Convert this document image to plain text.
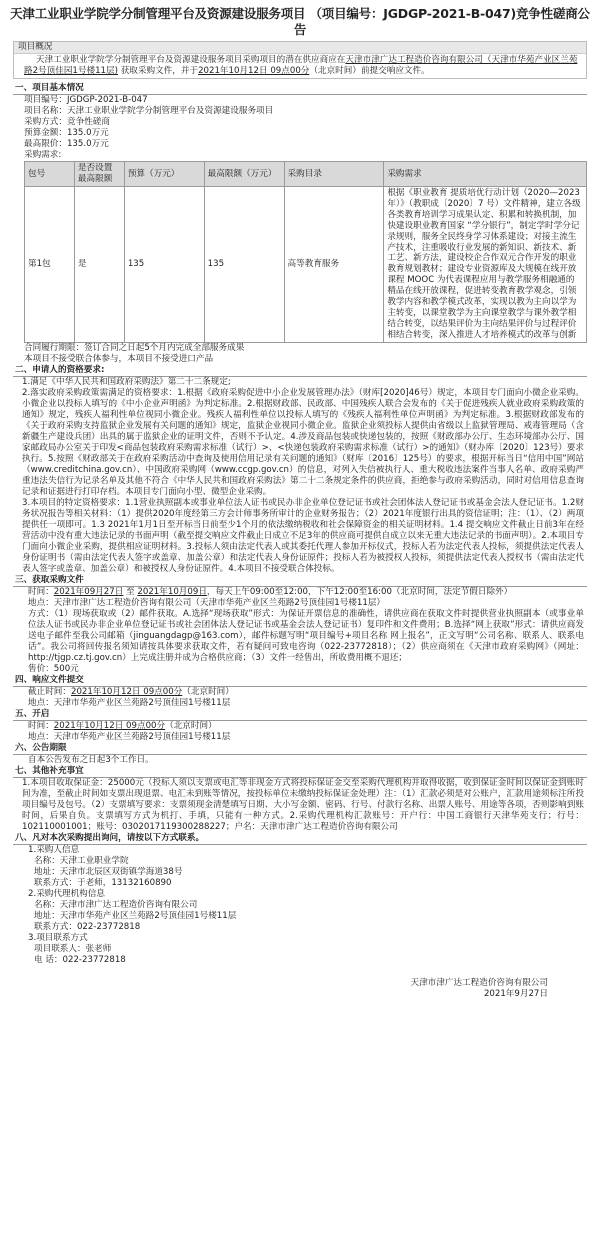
天津工业职业学院学分制管理平台及资源建设服务项目 （项目编号：JGDGP-2021-B-047)竞争性磋商公告
项目概况
天津工业职业学院学分制管理平台及资源建设服务项目采购项目的潜在供应商应在天津市津广达工程造价咨询有限公司（天津市华苑产业区兰苑路2号顶佳园1号楼11层) 获取采购文件，并于2021年10月12日 09点00分（北京时间）前提交响应文件。
一、项目基本情况
项目编号：JGDGP-2021-B-047
项目名称：天津工业职业学院学分制管理平台及资源建设服务项目
采购方式：竞争性磋商
预算金额：135.0万元
最高限价：135.0万元
采购需求:
包号	是否设置最高限额	预算（万元）	最高限额（万元）	采购目录	采购需求
第1包	是	135	135	高等教育服务	根据《职业教育 提质培优行动计划（2020—2023 年）》（教职成〔2020〕7 号）文件精神，建立各级各类教育培训学习成果认定、积累和转换机制，加快建设职业教育国家 “学分银行”，制定学时学分记录规则，服务全民终身学习体系建设；对接主流生产技术，注重吸收行业发展的新知识、新技术、新工艺、新方法，建设校企合作双元合作开发的职业教育规划教材；建设专业资源库及大规模在线开放课程 MOOC 为代表课程应用与教学服务相融通的精品在线开放课程，促进转变教育教学观念，引领教学内容和教学模式改革，实现以教为主向以学为主转变，以课堂教学为主向课堂教学与课外教学相结合转变，以结果评价为主向结果评价与过程评价相结合转变，深入推进人才培养模式的改革与创新
合同履行期限：签订合同之日起5个月内完成全部服务成果
本项目不接受联合体参与，本项目不接受进口产品
二、申请人的资格要求:
1.满足《中华人民共和国政府采购法》第二十二条规定;
2.落实政府采购政策需满足的资格要求：1.根据《政府采购促进中小企业发展管理办法》（财库[2020]46号）规定，本项目专门面向小微企业采购。小微企业以投标人填写的《中小企业声明函》为判定标准。2.根据财政部、民政部、中国残疾人联合会发布的《关于促进残疾人就业政府采购政策的通知》规定，残疾人福利性单位视同小微企业。残疾人福利性单位以投标人填写的《残疾人福利性单位声明函》为判定标准。3.根据财政部发布的《关于政府采购支持监狱企业发展有关问题的通知》规定，监狱企业视同小微企业。监狱企业须投标人提供由省级以上监狱管理局、戒毒管理局（含新疆生产建设兵团）出具的属于监狱企业的证明文件，否则不予认定。4.涉及商品包装或快递包装的，按照《财政部办公厅、生态环境部办公厅、国家邮政局办公室关于印发<商品包装政府采购需求标准（试行）>、<快递包装政府采购需求标准（试行）>的通知》（财办库〔2020〕123号）要求执行。5.按照《财政部关于在政府采购活动中查询及使用信用记录有关问题的通知》（财库〔2016〕125号）的要求，根据开标当日“信用中国”网站（www.creditchina.gov.cn）、中国政府采购网（www.ccgp.gov.cn）的信息，对列入失信被执行人、重大税收违法案件当事人名单、政府采购严重违法失信行为记录名单及其他不符合《中华人民共和国政府采购法》第二十二条规定条件的供应商，拒绝参与政府采购活动，同时对信用信息查询记录和证据进行打印存档。本项目专门面向小型、微型企业采购。
3.本项目的特定资格要求：1.1营业执照副本或事业单位法人证书或民办非企业单位登记证书或社会团体法人登记证书或基金会法人登记证书。1.2财务状况报告等相关材料：（1）提供2020年度经第三方会计师事务所审计的企业财务报告；（2）2021年度银行出具的资信证明；注：（1）、（2）两项提供任一项即可。1.3 2021年1月1日至开标当日前至少1个月的依法缴纳税收和社会保障资金的相关证明材料。1.4 提交响应文件截止日前3年在经营活动中没有重大违法记录的书面声明（截至提交响应文件截止日成立不足3年的供应商可提供自成立以来无重大违法记录的书面声明）。2.本项目专门面向小微企业采购，提供相应证明材料。3.投标人须由法定代表人或其委托代理人参加开标仪式，投标人若为法定代表人投标，须提供法定代表人身份证明书（需由法定代表人签字或盖章、加盖公章）和法定代表人身份证原件；投标人若为被授权人投标，须提供法定代表人授权书（需由法定代表人签字或盖章、加盖公章）和被授权人身份证原件。4.本项目不接受联合体投标。
三、获取采购文件
时间：2021年09月27日 至 2021年10月09日，每天上午09:00至12:00，下午12:00至16:00（北京时间，法定节假日除外）
地点：天津市津广达工程造价咨询有限公司（天津市华苑产业区兰苑路2号顶佳园1号楼11层）
方式：（1）现场获取或（2）邮件获取。A.选择“现场获取”形式：为保证开票信息的准确性，请供应商在获取文件时提供营业执照副本（或事业单位法人证书或民办非企业单位登记证书或社会团体法人登记证书或基金会法人登记证书）复印件和文件费用；B.选择“网上获取”形式：请供应商发送电子邮件至我公司邮箱（jinguangdagp@163.com），邮件标题写明“项目编号+项目名称 网上报名”，正文写明“公司名称、联系人、联系电话”。我公司将回传报名须知请按具体要求获取文件，若有疑问可致电咨询（022-23772818）；（2）供应商须在《天津市政府采购网》（网址：http://tjgp.cz.tj.gov.cn）上完成注册并成为合格供应商；（3）文件一经售出，所收费用概不退还；
售价：500元
四、响应文件提交
截止时间：2021年10月12日 09点00分（北京时间）
地点：天津市华苑产业区兰苑路2号顶佳园1号楼11层
五、开启
时间：2021年10月12日 09点00分（北京时间）
地点：天津市华苑产业区兰苑路2号顶佳园1号楼11层
六、公告期限
自本公告发布之日起3个工作日。
七、其他补充事宜
1.本项目收取保证金：25000元（投标人须以支票或电汇等非现金方式将投标保证金交至采购代理机构并取得收据，收到保证金时间以保证金到账时间为准，至截止时间如支票出现退票、电汇未到账等情况，按投标单位未缴纳投标保证金处理）注：（1）汇款必须是对公账户，汇款用途须标注所投项目编号及包号。（2）支票填写要求：支票须现金清楚填写日期、大小写金额、密码、行号、付款行名称、出票人账号、用途等各项，否则影响到账时间，后果自负。支票填写方式为机打、手填，只能有一种方式。2.采购代理机构汇款账号：开户行：中国工商银行天津华苑支行；行号：102110001001；账号：0302017119300288227；户名：天津市津广达工程造价咨询有限公司
八、凡对本次采购提出询问，请按以下方式联系。
1.采购人信息
名称：天津工业职业学院
地址：天津市北辰区双街镇学海道38号
联系方式：于老师，13132160890
2.采购代理机构信息
名称：天津市津广达工程造价咨询有限公司
地址：天津市华苑产业区兰苑路2号顶佳园1号楼11层
联系方式：022-23772818
3.项目联系方式
项目联系人：张老师
电 话：022-23772818
天津市津广达工程造价咨询有限公司
2021年9月27日
